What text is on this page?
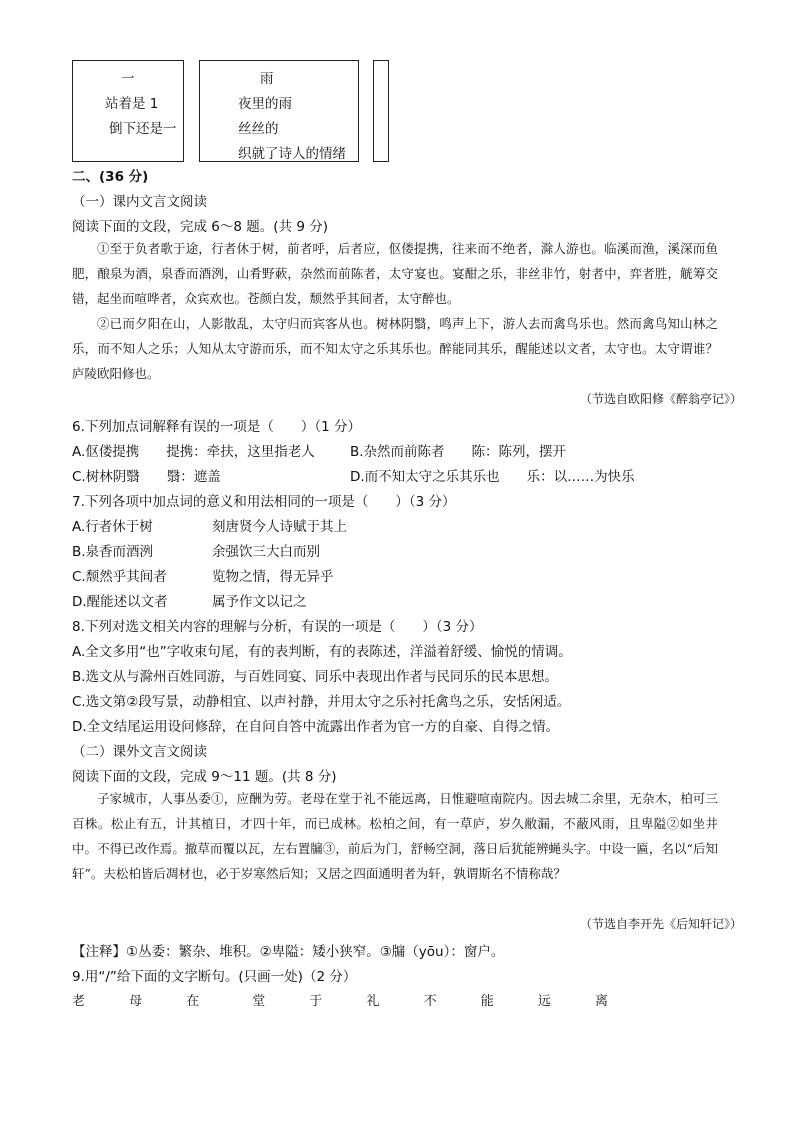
一
站着是 1
倒下还是一
雨
夜里的雨
丝丝的
织就了诗人的情绪
二、(36 分)
（一）课内文言文阅读
阅读下面的文段，完成 6～8 题。(共 9 分)

①至于负者歌于途，行者休于树，前者呼，后者应，伛偻提携，往来而不绝者，滁人游也。临溪而渔，溪深而鱼肥，酿泉为酒，泉香而酒洌，山肴野蔌，杂然而前陈者，太守宴也。宴酣之乐，非丝非竹，射者中，弈者胜，觥筹交错，起坐而喧哗者，众宾欢也。苍颜白发，颓然乎其间者，太守醉也。

②已而夕阳在山，人影散乱，太守归而宾客从也。树林阴翳，鸣声上下，游人去而禽鸟乐也。然而禽鸟知山林之乐，而不知人之乐；人知从太守游而乐，而不知太守之乐其乐也。醉能同其乐，醒能述以文者，太守也。太守谓谁？庐陵欧阳修也。

（节选自欧阳修《醉翁亭记》）
6.下列加点词解释有误的一项是（　　）（1 分）
A.伛偻提携　　提携：牵扶，这里指老人	B.杂然而前陈者　　陈：陈列，摆开
C.树林阴翳　　翳：遮盖	D.而不知太守之乐其乐也　　乐：以……为快乐
7.下列各项中加点词的意义和用法相同的一项是（　　）（3 分）
A.行者休于树	刻唐贤今人诗赋于其上
B.泉香而酒洌	余强饮三大白而别
C.颓然乎其间者	览物之情，得无异乎
D.醒能述以文者	属予作文以记之
8.下列对选文相关内容的理解与分析，有误的一项是（　　）（3 分）
A.全文多用“也”字收束句尾，有的表判断，有的表陈述，洋溢着舒缓、愉悦的情调。
B.选文从与滁州百姓同游，与百姓同宴、同乐中表现出作者与民同乐的民本思想。
C.选文第②段写景，动静相宜、以声衬静，并用太守之乐衬托禽鸟之乐，安恬闲适。
D.全文结尾运用设问修辞，在自问自答中流露出作者为官一方的自豪、自得之情。
（二）课外文言文阅读
阅读下面的文段，完成 9～11 题。(共 8 分)

子家城市，人事丛委①，应酬为劳。老母在堂于礼不能远离，日惟避喧南院内。因去城二余里，无杂木，柏可三百株。松止有五，计其植日，才四十年，而已成林。松柏之间，有一草庐，岁久敝漏，不蔽风雨，且卑隘②如坐井中。不得已改作焉。撤草而覆以瓦，左右置牖③，前后为门，舒畅空洞，落日后犹能辨蝇头字。中设一匾，名以“后知轩”。夫松柏皆后凋材也，必于岁寒然后知；又居之四面通明者为轩，孰谓斯名不情称哉？

（节选自李开先《后知轩记》）
【注释】①丛委：繁杂、堆积。②卑隘：矮小狭窄。③牖（yōu）：窗户。
9.用“/”给下面的文字断句。(只画一处)（2 分）
老 母 在　堂 于 礼 不 能 远 离
